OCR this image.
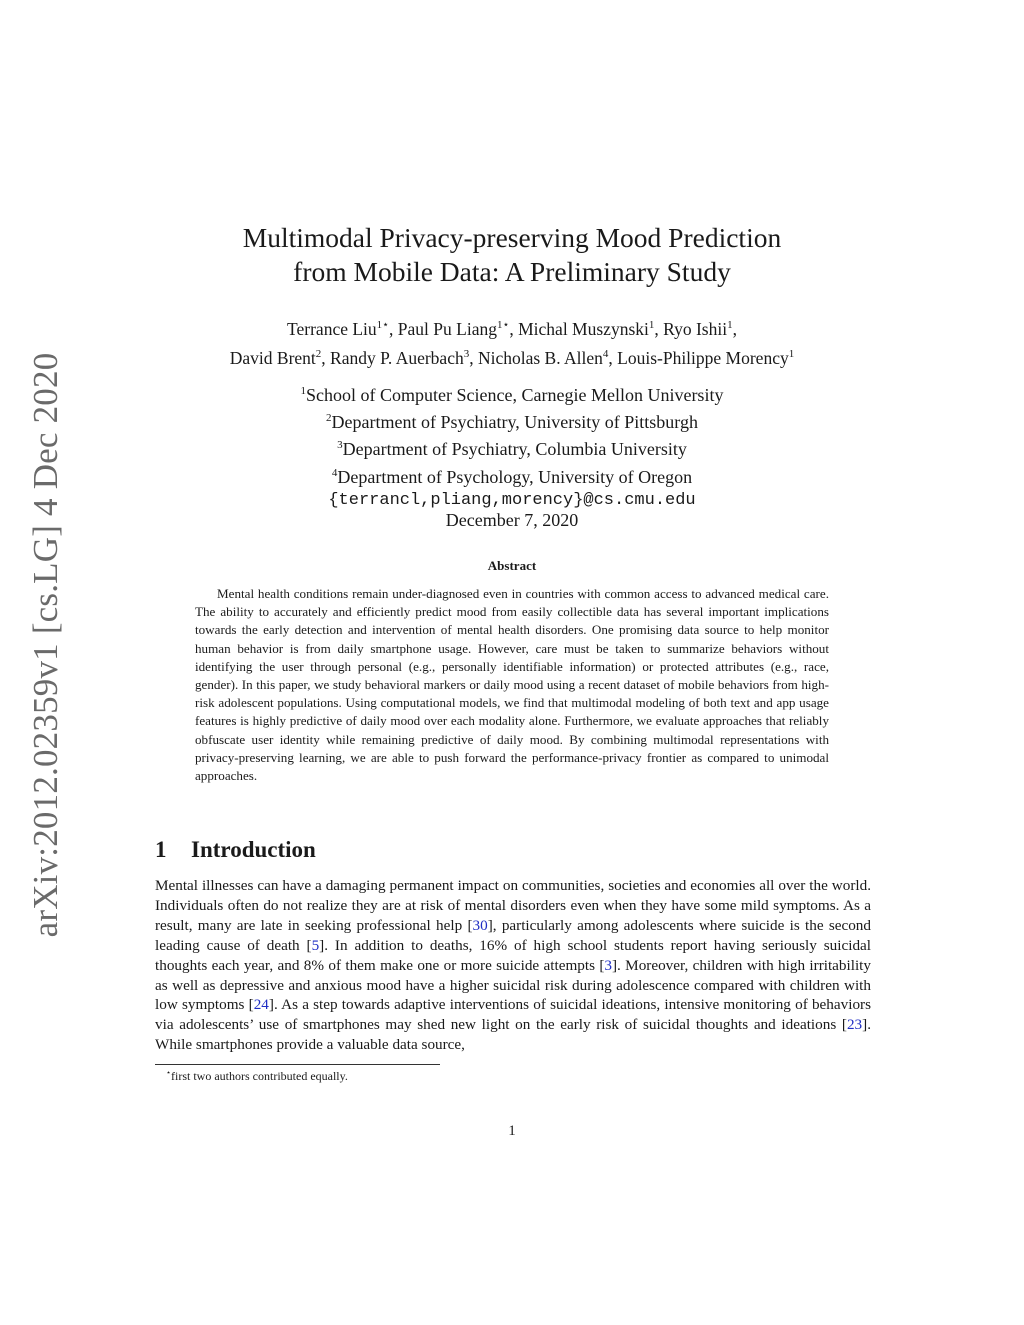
arXiv:2012.02359v1 [cs.LG] 4 Dec 2020
Multimodal Privacy-preserving Mood Prediction
from Mobile Data: A Preliminary Study
Terrance Liu$^{1⋆}$, Paul Pu Liang$^{1⋆}$, Michal Muszynski$^1$, Ryo Ishii$^1$,
David Brent$^2$, Randy P. Auerbach$^3$, Nicholas B. Allen$^4$, Louis-Philippe Morency$^1$
$^1$School of Computer Science, Carnegie Mellon University
$^2$Department of Psychiatry, University of Pittsburgh
$^3$Department of Psychiatry, Columbia University
$^4$Department of Psychology, University of Oregon
{terrancl,pliang,morency}@cs.cmu.edu
December 7, 2020
Abstract

Mental health conditions remain under-diagnosed even in countries with common access to advanced medical care. The ability to accurately and efficiently predict mood from easily collectible data has several important implications towards the early detection and intervention of mental health disorders. One promising data source to help monitor human behavior is from daily smartphone usage. However, care must be taken to summarize behaviors without identifying the user through personal (e.g., personally identifiable information) or protected attributes (e.g., race, gender). In this paper, we study behavioral markers or daily mood using a recent dataset of mobile behaviors from high-risk adolescent populations. Using computational models, we find that multimodal modeling of both text and app usage features is highly predictive of daily mood over each modality alone. Furthermore, we evaluate approaches that reliably obfuscate user identity while remaining predictive of daily mood. By combining multimodal representations with privacy-preserving learning, we are able to push forward the performance-privacy frontier as compared to unimodal approaches.

1 Introduction

Mental illnesses can have a damaging permanent impact on communities, societies and economies all over the world. Individuals often do not realize they are at risk of mental disorders even when they have some mild symptoms. As a result, many are late in seeking professional help [30], particularly among adolescents where suicide is the second leading cause of death [5]. In addition to deaths, 16% of high school students report having seriously suicidal thoughts each year, and 8% of them make one or more suicide attempts [3]. Moreover, children with high irritability as well as depressive and anxious mood have a higher suicidal risk during adolescence compared with children with low symptoms [24]. As a step towards adaptive interventions of suicidal ideations, intensive monitoring of behaviors via adolescents’ use of smartphones may shed new light on the early risk of suicidal thoughts and ideations [23]. While smartphones provide a valuable data source,

⋆first two authors contributed equally.
1
